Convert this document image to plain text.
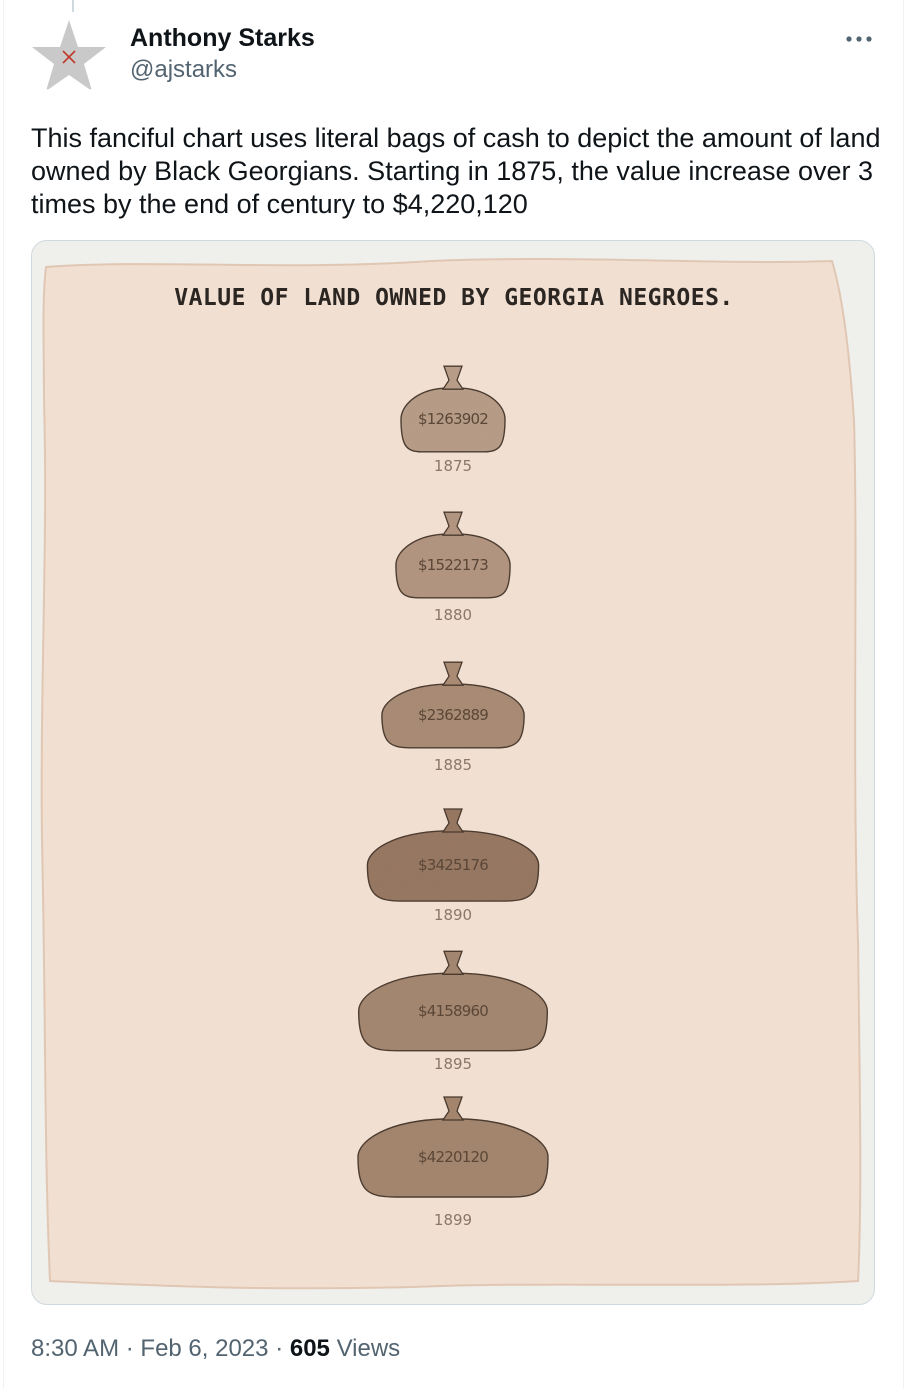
Anthony Starks
@ajstarks
This fanciful chart uses literal bags of cash to depict the amount of land owned by Black Georgians. Starting in 1875, the value increase over 3 times by the end of century to $4,220,120
VALUE OF LAND OWNED BY GEORGIA NEGROES.
$1263902
1875
$1522173
1880
$2362889
1885
$3425176
1890
$4158960
1895
$4220120
1899
8:30 AM · Feb 6, 2023 · 605 Views
